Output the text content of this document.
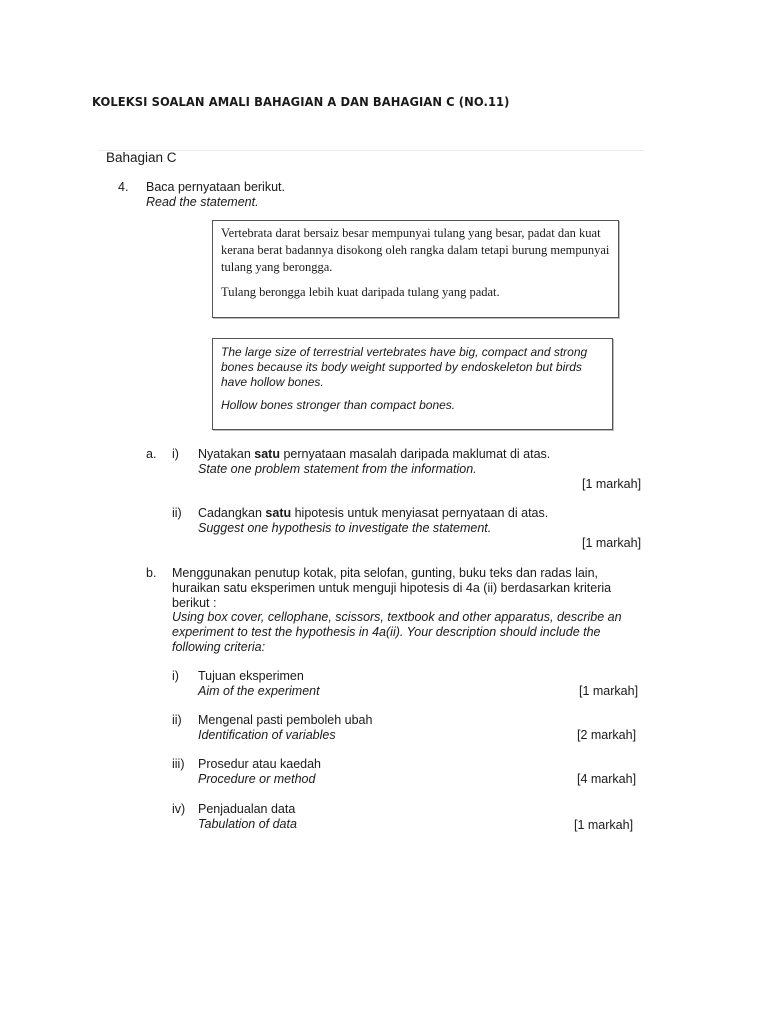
KOLEKSI SOALAN AMALI BAHAGIAN A DAN BAHAGIAN C (NO.11)
Bahagian C
4. Baca pernyataan berikut.
Read the statement.
Vertebrata darat bersaiz besar mempunyai tulang yang besar, padat dan kuat kerana berat badannya disokong oleh rangka dalam tetapi burung mempunyai tulang yang berongga.
Tulang berongga lebih kuat daripada tulang yang padat.
The large size of terrestrial vertebrates have big, compact and strong bones because its body weight supported by endoskeleton but birds have hollow bones.
Hollow bones stronger than compact bones.
a. i) Nyatakan satu pernyataan masalah daripada maklumat di atas.
State one problem statement from the information.
[1 markah]
ii) Cadangkan satu hipotesis untuk menyiasat pernyataan di atas.
Suggest one hypothesis to investigate the statement.
[1 markah]
b. Menggunakan penutup kotak, pita selofan, gunting, buku teks dan radas lain, huraikan satu eksperimen untuk menguji hipotesis di 4a (ii) berdasarkan kriteria berikut :
Using box cover, cellophane, scissors, textbook and other apparatus, describe an experiment to test the hypothesis in 4a(ii). Your description should include the following criteria:
i) Tujuan eksperimen
Aim of the experiment	[1 markah]
ii) Mengenal pasti pemboleh ubah
Identification of variables	[2 markah]
iii) Prosedur atau kaedah
Procedure or method	[4 markah]
iv) Penjadualan data
Tabulation of data	[1 markah]
